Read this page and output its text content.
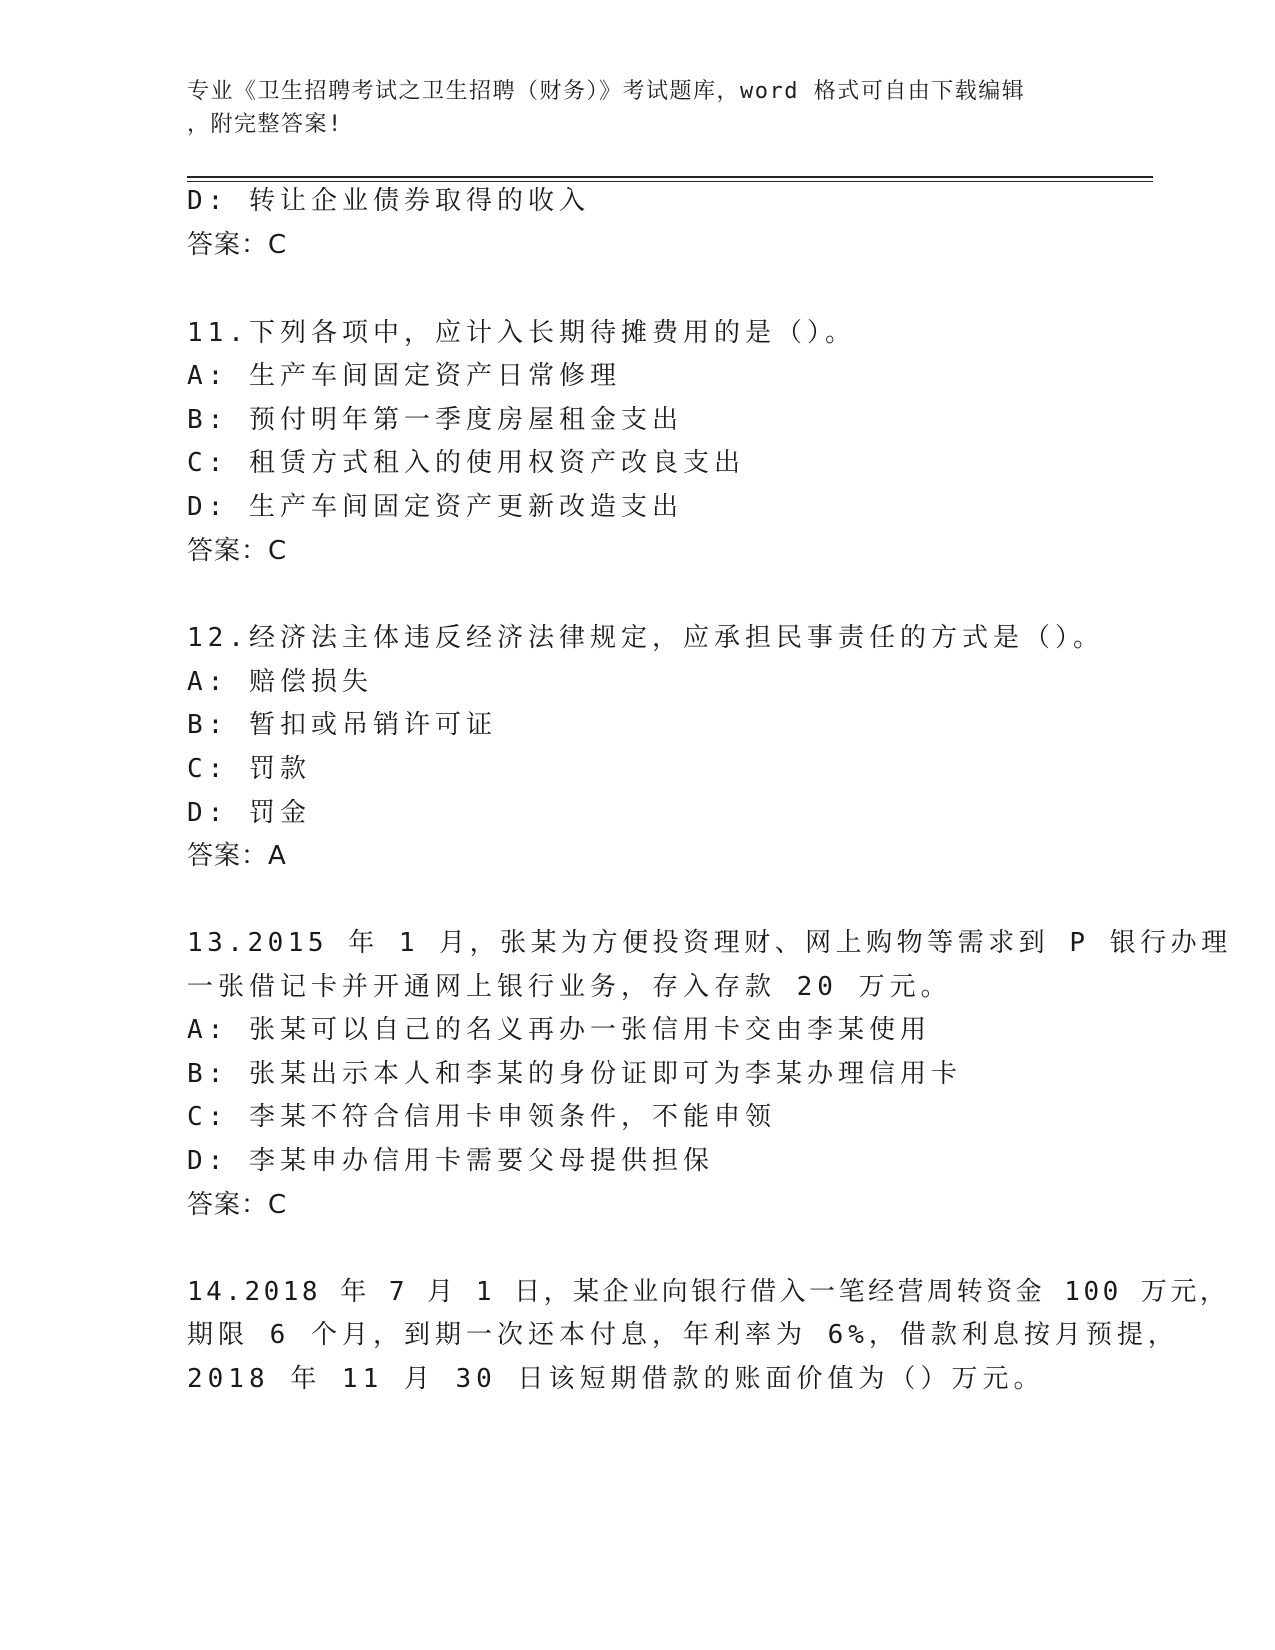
专业《卫生招聘考试之卫生招聘（财务）》考试题库，word 格式可自由下载编辑
，附完整答案!
D: 转让企业债券取得的收入
答案：C
11.下列各项中，应计入长期待摊费用的是（）。
A: 生产车间固定资产日常修理
B: 预付明年第一季度房屋租金支出
C: 租赁方式租入的使用权资产改良支出
D: 生产车间固定资产更新改造支出
答案：C
12.经济法主体违反经济法律规定，应承担民事责任的方式是（）。
A: 赔偿损失
B: 暂扣或吊销许可证
C: 罚款
D: 罚金
答案：A
13.2015 年 1 月，张某为方便投资理财、网上购物等需求到 P 银行办理
一张借记卡并开通网上银行业务，存入存款 20 万元。
A: 张某可以自己的名义再办一张信用卡交由李某使用
B: 张某出示本人和李某的身份证即可为李某办理信用卡
C: 李某不符合信用卡申领条件，不能申领
D: 李某申办信用卡需要父母提供担保
答案：C
14.2018 年 7 月 1 日，某企业向银行借入一笔经营周转资金 100 万元，
期限 6 个月，到期一次还本付息，年利率为 6%，借款利息按月预提，
2018 年 11 月 30 日该短期借款的账面价值为（）万元。
